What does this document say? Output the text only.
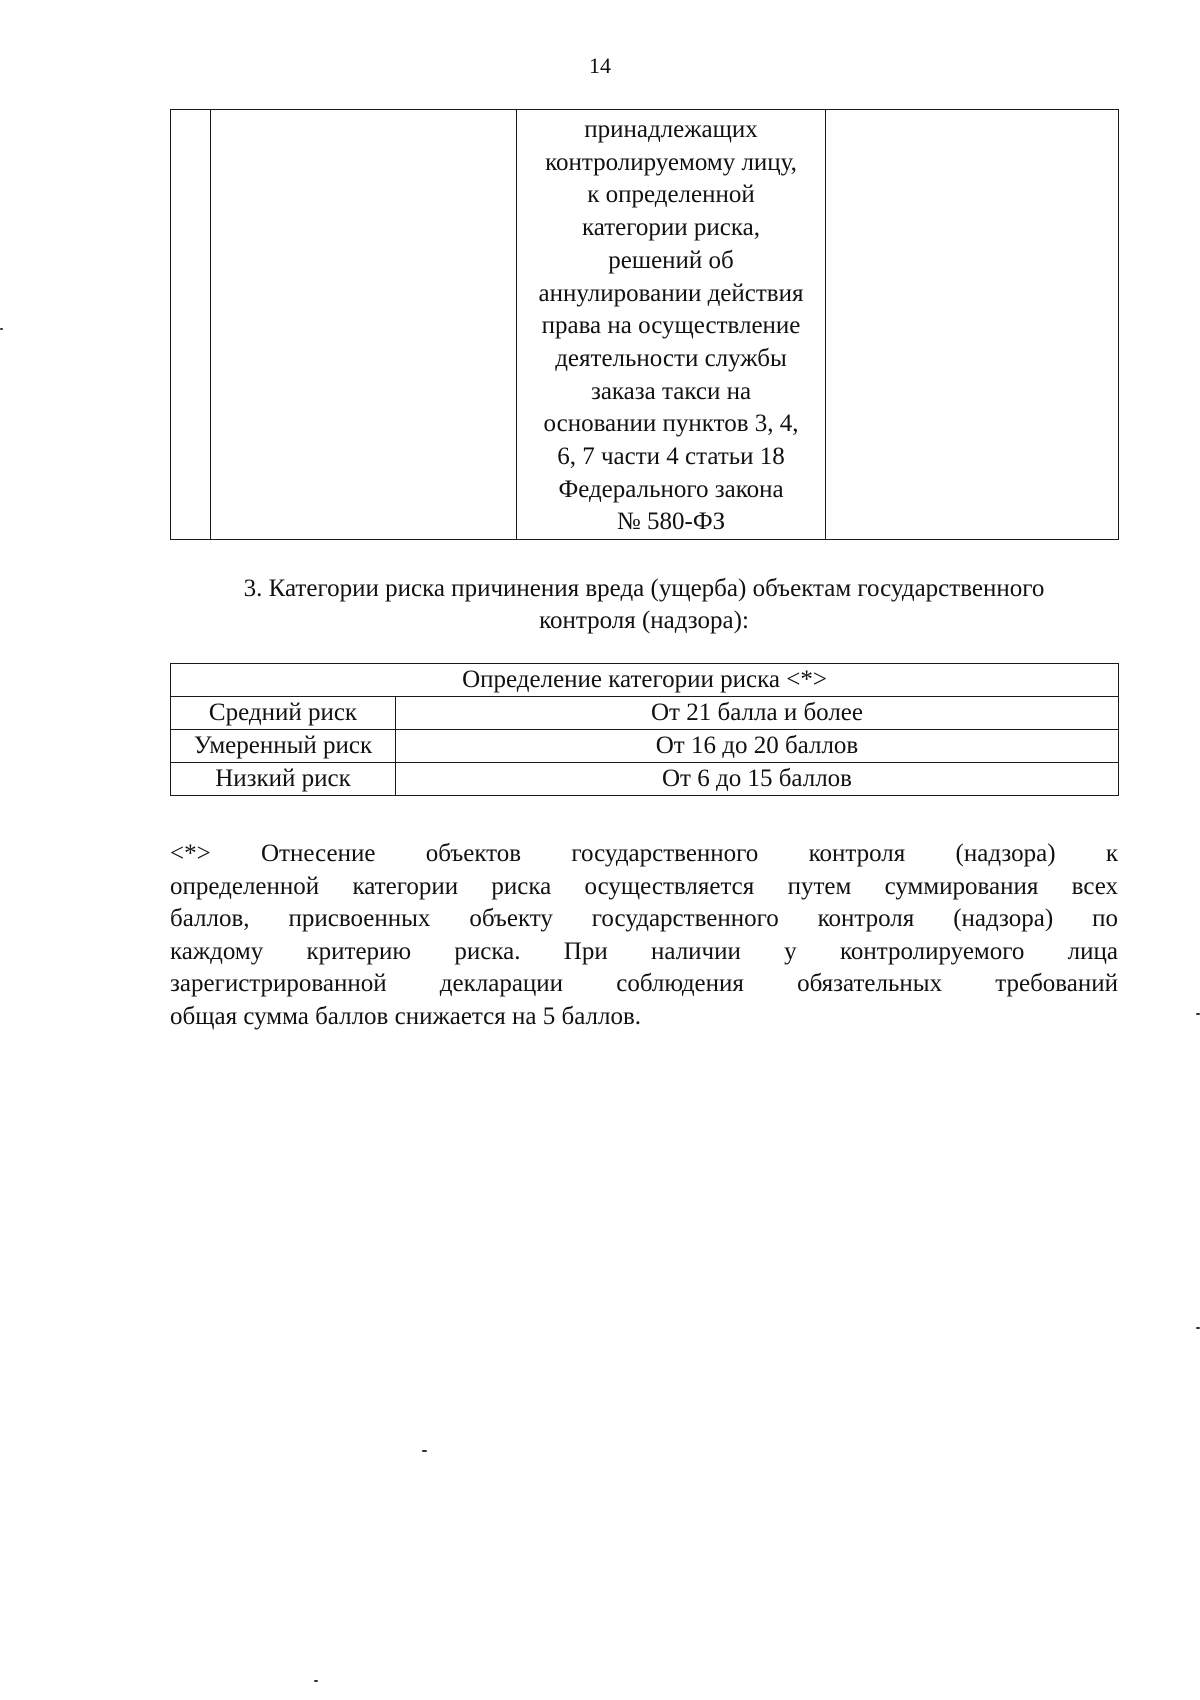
14

принадлежащих
контролируемому лицу,
к определенной
категории риска,
решений об
аннулировании действия
права на осуществление
деятельности службы
заказа такси на
основании пунктов 3, 4,
6, 7 части 4 статьи 18
Федерального закона
№ 580-ФЗ

3. Категории риска причинения вреда (ущерба) объектам государственного
контроля (надзора):
Определение категории риска <*>	
Средний риск	От 21 балла и более
Умеренный риск	От 16 до 20 баллов
Низкий риск	От 6 до 15 баллов
<*> Отнесение объектов государственного контроля (надзора) к
определенной категории риска осуществляется путем суммирования всех
баллов, присвоенных объекту государственного контроля (надзора) по
каждому критерию риска. При наличии у контролируемого лица
зарегистрированной декларации соблюдения обязательных требований
общая сумма баллов снижается на 5 баллов.
